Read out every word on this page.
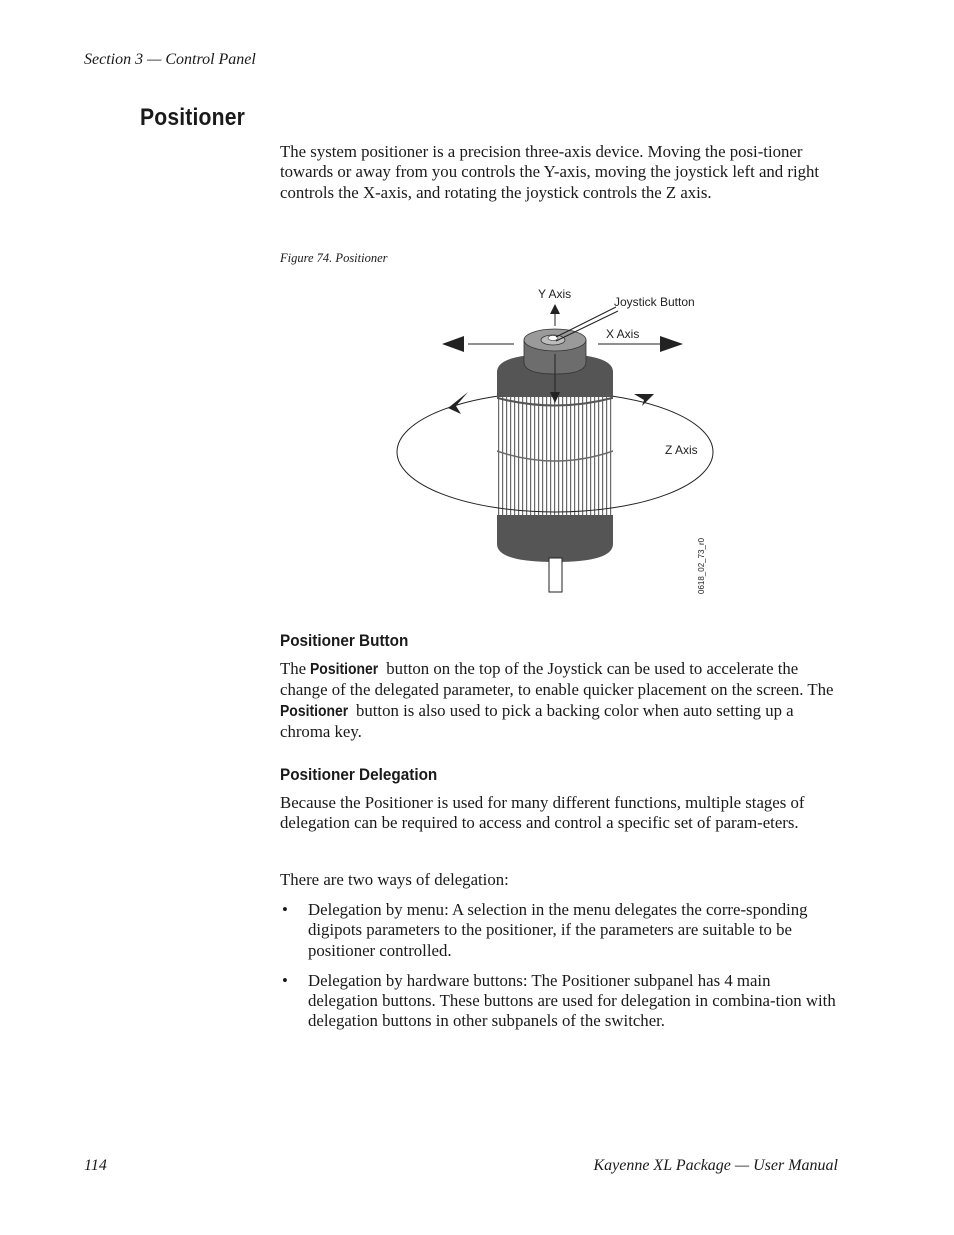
Section 3 — Control Panel
Positioner

The system positioner is a precision three-axis device. Moving the posi-tioner towards or away from you controls the Y-axis, moving the joystick left and right controls the X-axis, and rotating the joystick controls the Z axis.

Figure 74. Positioner
Y Axis
Joystick Button
X Axis
Z Axis
0618_02_73_r0
Positioner Button

The Positioner button on the top of the Joystick can be used to accelerate the change of the delegated parameter, to enable quicker placement on the screen. The Positioner button is also used to pick a backing color when auto setting up a chroma key.

Positioner Delegation

Because the Positioner is used for many different functions, multiple stages of delegation can be required to access and control a specific set of param-eters.

There are two ways of delegation:

• Delegation by menu: A selection in the menu delegates the corre-sponding digipots parameters to the positioner, if the parameters are suitable to be positioner controlled.
• Delegation by hardware buttons: The Positioner subpanel has 4 main delegation buttons. These buttons are used for delegation in combina-tion with delegation buttons in other subpanels of the switcher.
114	Kayenne XL Package — User Manual
